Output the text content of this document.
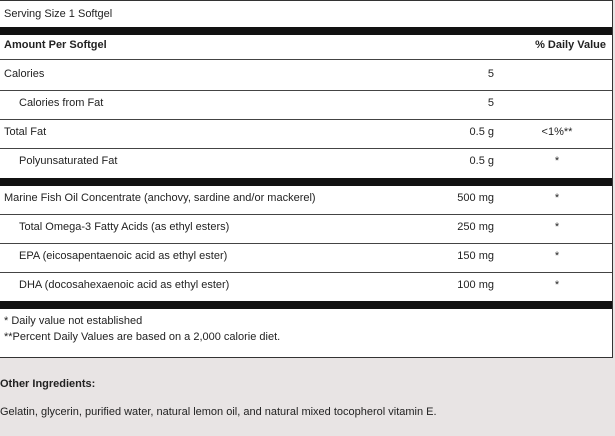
Serving Size 1 Softgel
Amount Per Softgel	% Daily Value
Calories	5
Calories from Fat	5
Total Fat	0.5 g	<1%**
Polyunsaturated Fat	0.5 g	*
Marine Fish Oil Concentrate (anchovy, sardine and/or mackerel)	500 mg	*
Total Omega-3 Fatty Acids (as ethyl esters)	250 mg	*
EPA (eicosapentaenoic acid as ethyl ester)	150 mg	*
DHA (docosahexaenoic acid as ethyl ester)	100 mg	*
* Daily value not established
**Percent Daily Values are based on a 2,000 calorie diet.
Other Ingredients:
Gelatin, glycerin, purified water, natural lemon oil, and natural mixed tocopherol vitamin E.
